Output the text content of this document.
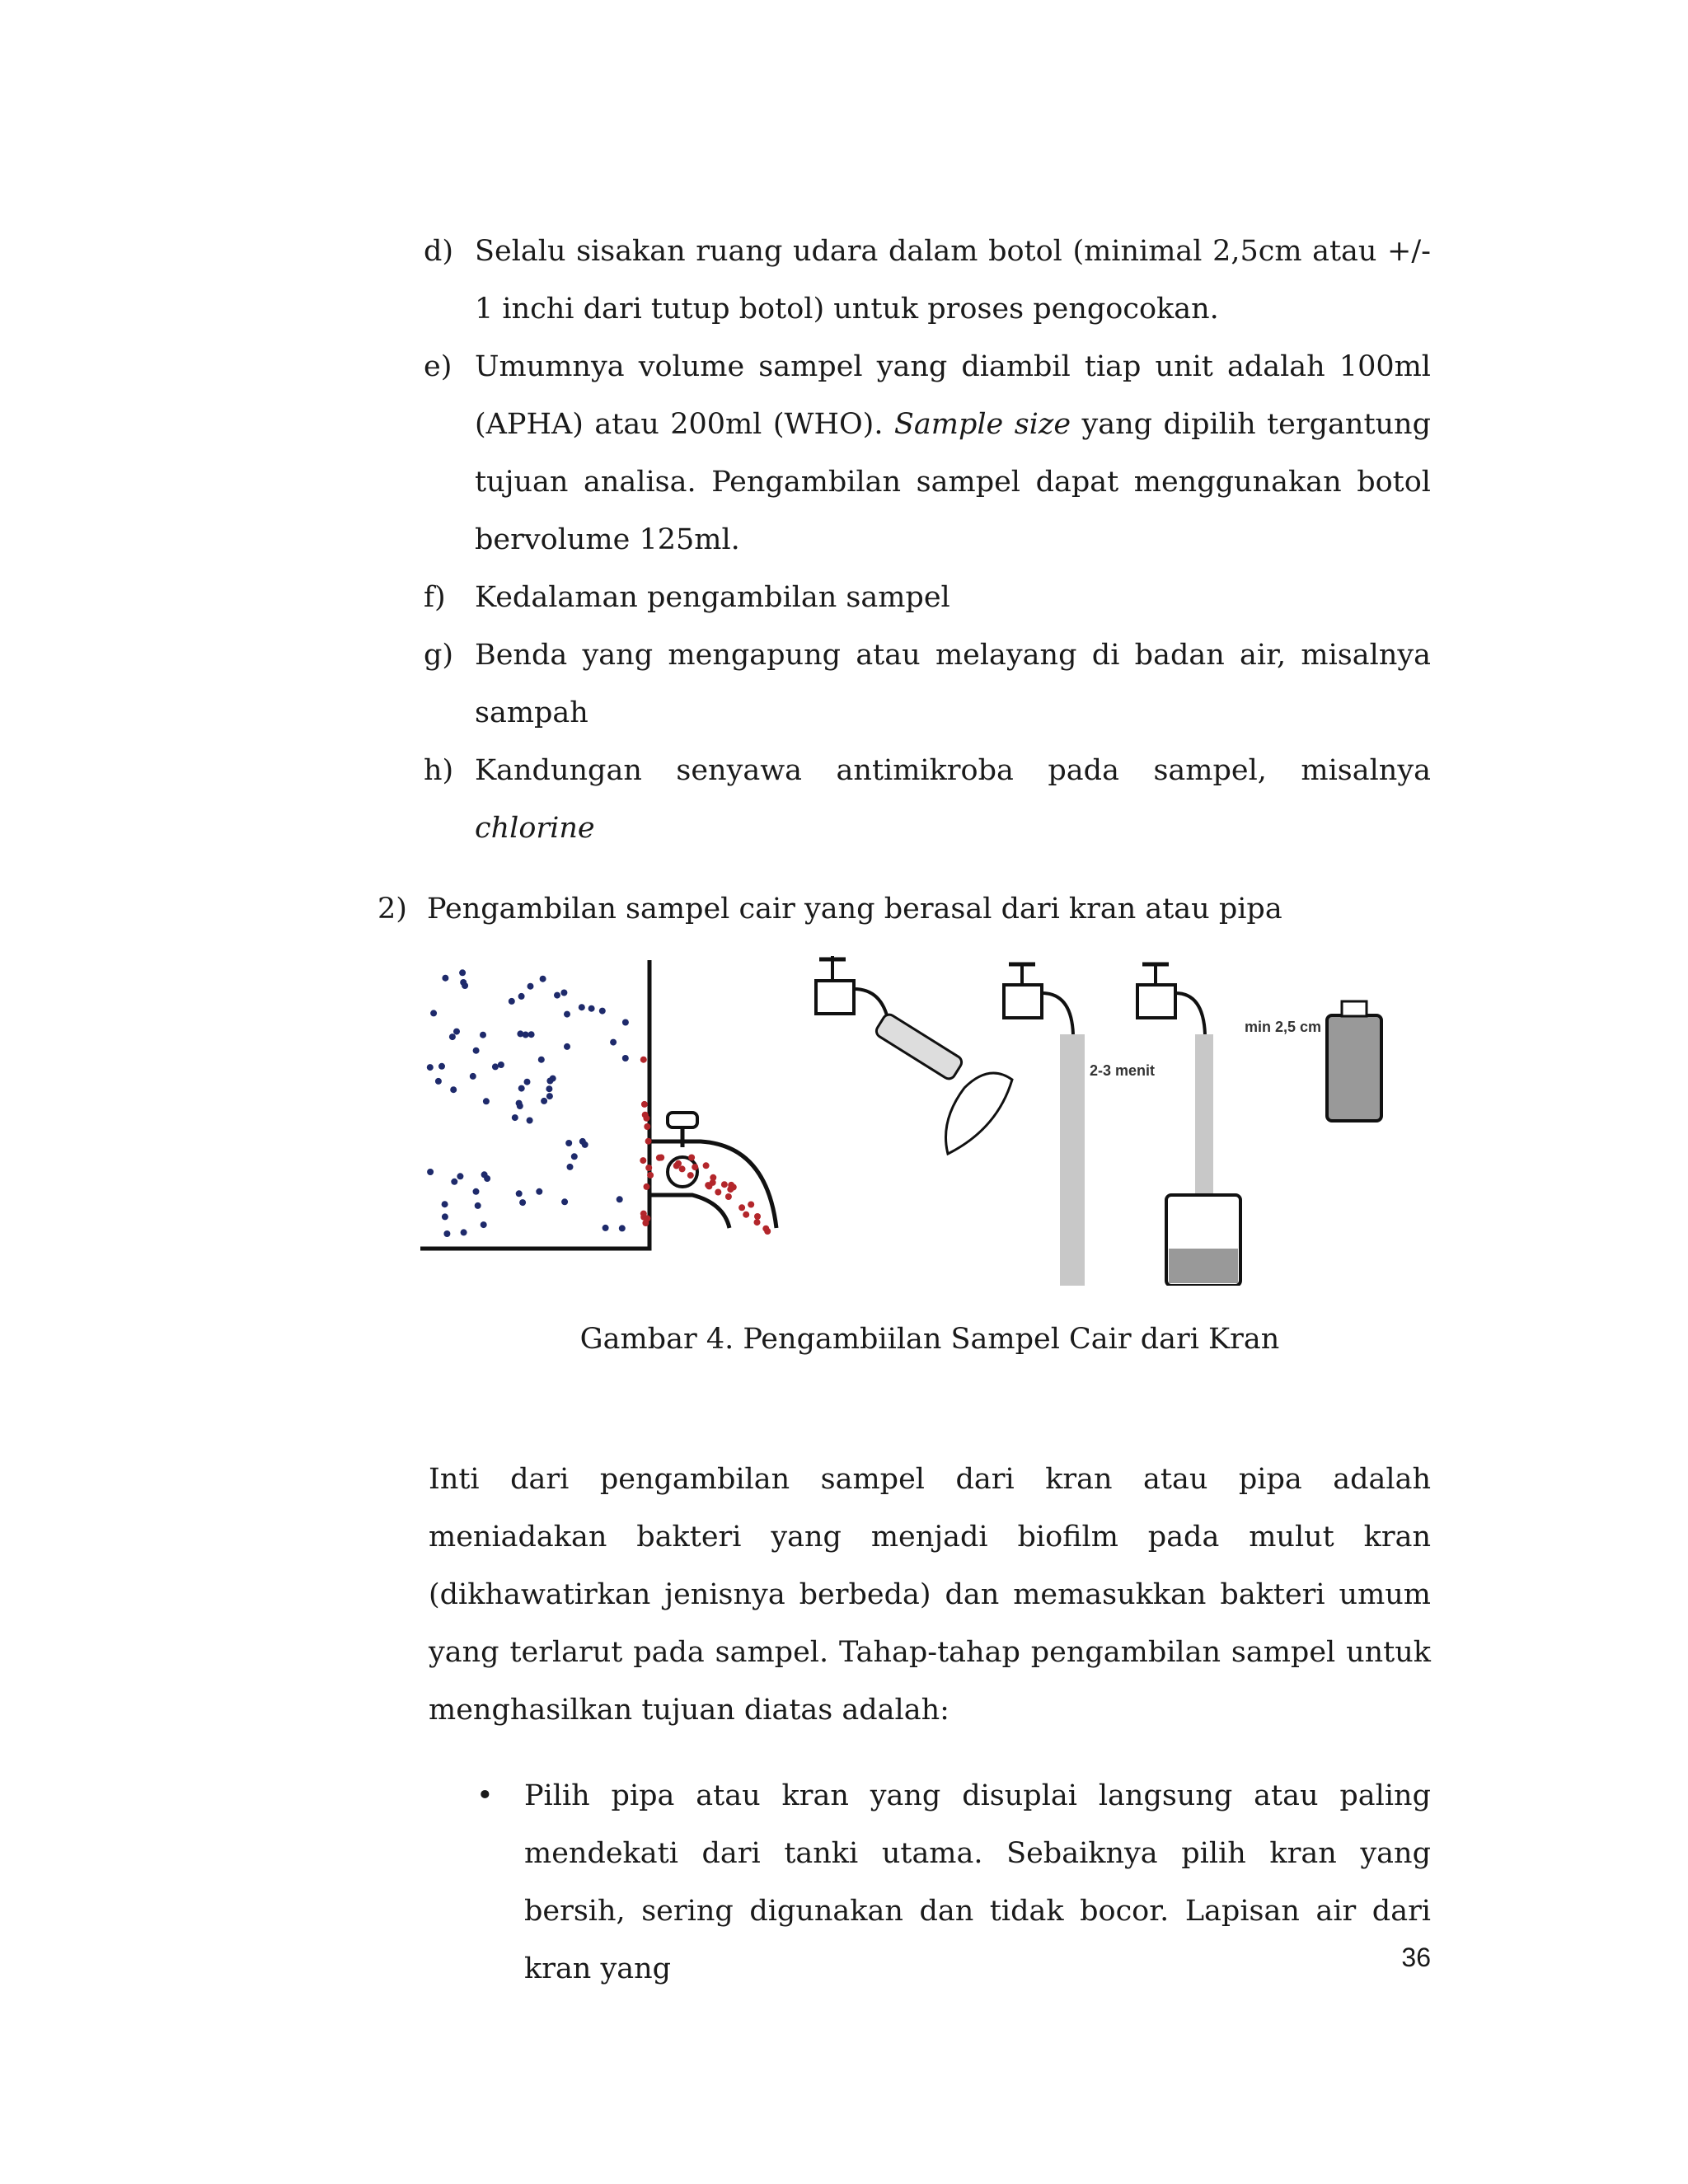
d) Selalu sisakan ruang udara dalam botol (minimal 2,5cm atau +/- 1 inchi dari tutup botol) untuk proses pengocokan.
e) Umumnya volume sampel yang diambil tiap unit adalah 100ml (APHA) atau 200ml (WHO). Sample size yang dipilih tergantung tujuan analisa. Pengambilan sampel dapat menggunakan botol bervolume 125ml.
f) Kedalaman pengambilan sampel
g) Benda yang mengapung atau melayang di badan air, misalnya sampah
h) Kandungan senyawa antimikroba pada sampel, misalnya chlorine
2) Pengambilan sampel cair yang berasal dari kran atau pipa
2-3 menit
min 2,5 cm
Gambar 4. Pengambiilan Sampel Cair dari Kran
Inti dari pengambilan sampel dari kran atau pipa adalah meniadakan bakteri yang menjadi biofilm pada mulut kran (dikhawatirkan jenisnya berbeda) dan memasukkan bakteri umum yang terlarut pada sampel. Tahap-tahap pengambilan sampel untuk menghasilkan tujuan diatas adalah:
• Pilih pipa atau kran yang disuplai langsung atau paling mendekati dari tanki utama. Sebaiknya pilih kran yang bersih, sering digunakan dan tidak bocor. Lapisan air dari kran yang	36
